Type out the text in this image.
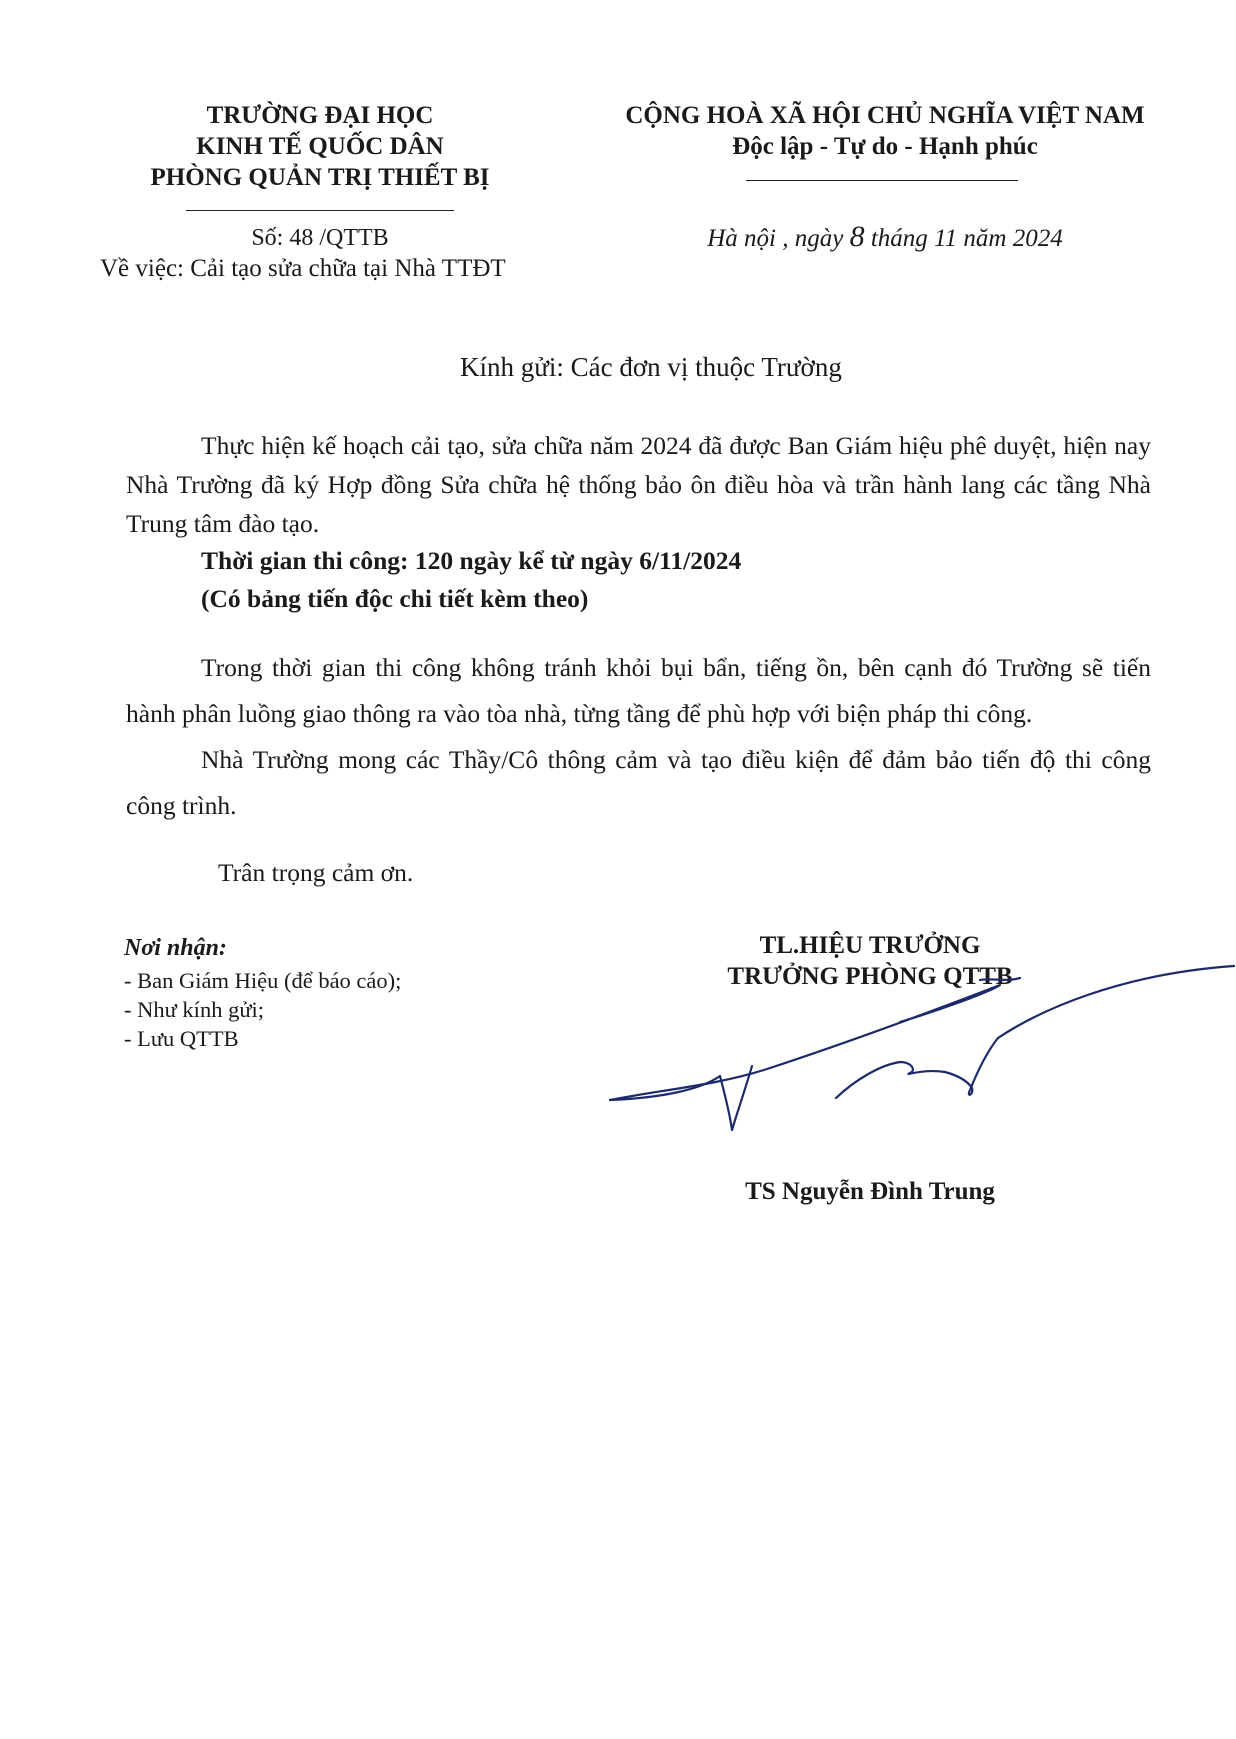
TRƯỜNG ĐẠI HỌC
KINH TẾ QUỐC DÂN
PHÒNG QUẢN TRỊ THIẾT BỊ
Số: 48 /QTTB
Về việc: Cải tạo sửa chữa tại Nhà TTĐT
CỘNG HOÀ XÃ HỘI CHỦ NGHĨA VIỆT NAM
Độc lập - Tự do - Hạnh phúc
Hà nội , ngày 8 tháng 11 năm 2024
Kính gửi: Các đơn vị thuộc Trường
Thực hiện kế hoạch cải tạo, sửa chữa năm 2024 đã được Ban Giám hiệu phê duyệt, hiện nay Nhà Trường đã ký Hợp đồng Sửa chữa hệ thống bảo ôn điều hòa và trần hành lang các tầng Nhà Trung tâm đào tạo.
Thời gian thi công: 120 ngày kể từ ngày 6/11/2024
(Có bảng tiến độc chi tiết kèm theo)
Trong thời gian thi công không tránh khỏi bụi bẩn, tiếng ồn, bên cạnh đó Trường sẽ tiến hành phân luồng giao thông ra vào tòa nhà, từng tầng để phù hợp với biện pháp thi công.
Nhà Trường mong các Thầy/Cô thông cảm và tạo điều kiện để đảm bảo tiến độ thi công công trình.
Trân trọng cảm ơn.
Nơi nhận:
- Ban Giám Hiệu (để báo cáo);
- Như kính gửi;
- Lưu QTTB
TL.HIỆU TRƯỞNG
TRƯỞNG PHÒNG QTTB
TS Nguyễn Đình Trung
